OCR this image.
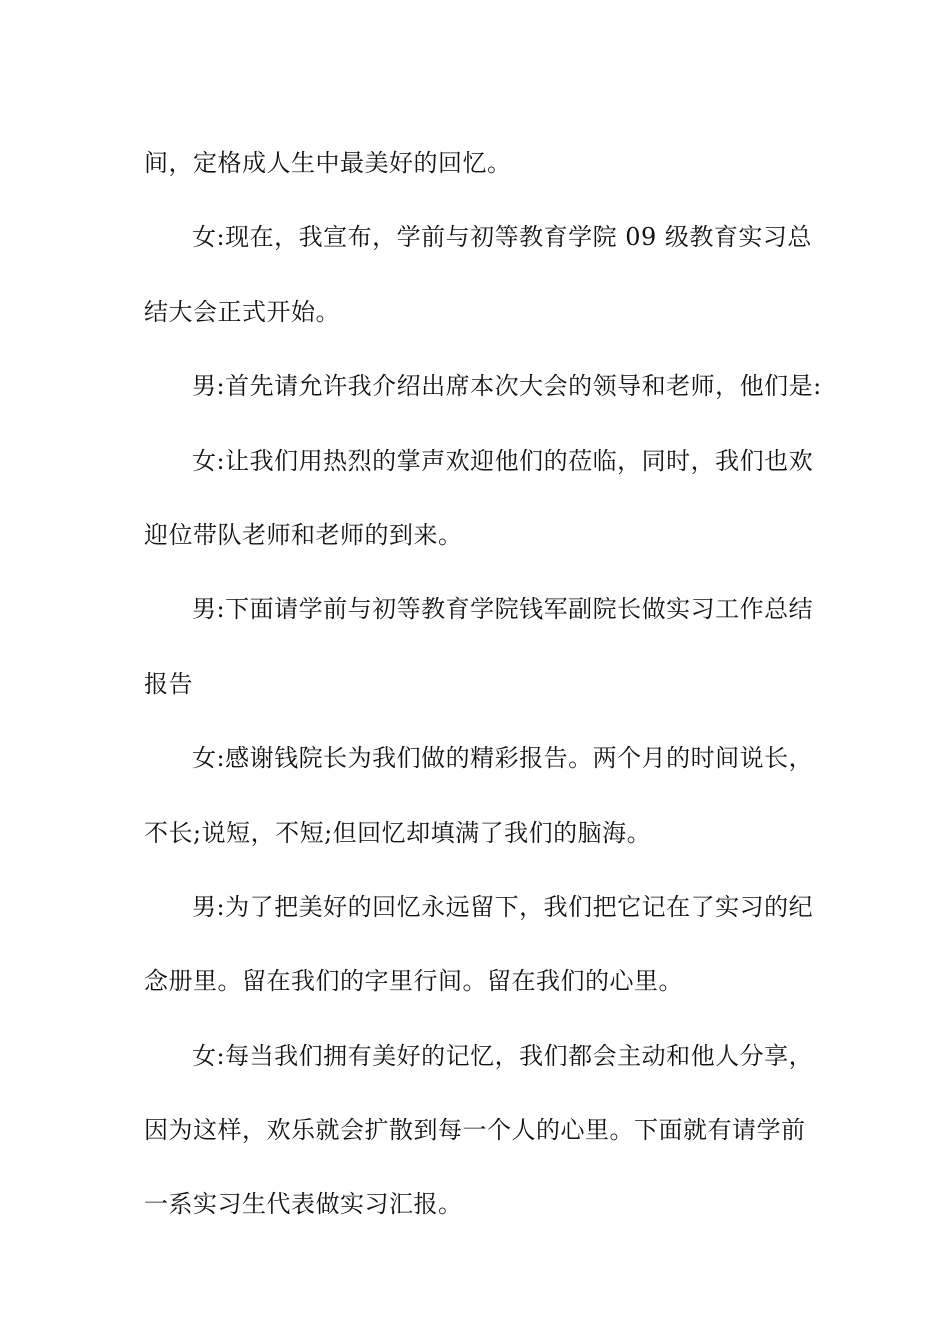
间，定格成人生中最美好的回忆。
女:现在，我宣布，学前与初等教育学院 09 级教育实习总
结大会正式开始。
男:首先请允许我介绍出席本次大会的领导和老师，他们是:
女:让我们用热烈的掌声欢迎他们的莅临，同时，我们也欢
迎位带队老师和老师的到来。
男:下面请学前与初等教育学院钱军副院长做实习工作总结
报告
女:感谢钱院长为我们做的精彩报告。两个月的时间说长，
不长;说短，不短;但回忆却填满了我们的脑海。
男:为了把美好的回忆永远留下，我们把它记在了实习的纪
念册里。留在我们的字里行间。留在我们的心里。
女:每当我们拥有美好的记忆，我们都会主动和他人分享，
因为这样，欢乐就会扩散到每一个人的心里。下面就有请学前
一系实习生代表做实习汇报。
